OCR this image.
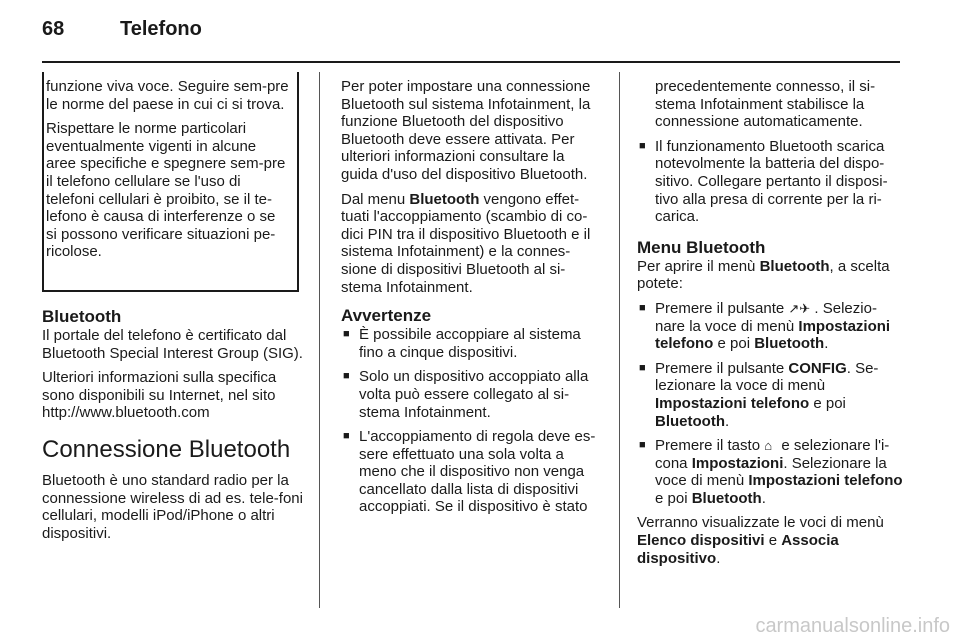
68	Telefono

funzione viva voce. Seguire sem-pre le norme del paese in cui ci si trova.

Rispettare le norme particolari eventualmente vigenti in alcune aree specifiche e spegnere sem-pre il telefono cellulare se l'uso di telefoni cellulari è proibito, se il te-lefono è causa di interferenze o se si possono verificare situazioni pe-ricolose.

Bluetooth

Il portale del telefono è certificato dal Bluetooth Special Interest Group (SIG).

Ulteriori informazioni sulla specifica sono disponibili su Internet, nel sito http://www.bluetooth.com

Connessione Bluetooth

Bluetooth è uno standard radio per la connessione wireless di ad es. tele-foni cellulari, modelli iPod/iPhone o altri dispositivi.

Per poter impostare una connessione Bluetooth sul sistema Infotainment, la funzione Bluetooth del dispositivo Bluetooth deve essere attivata. Per ulteriori informazioni consultare la guida d'uso del dispositivo Bluetooth.

Dal menu Bluetooth vengono effet-tuati l'accoppiamento (scambio di co-dici PIN tra il dispositivo Bluetooth e il sistema Infotainment) e la connes-sione di dispositivi Bluetooth al si-stema Infotainment.

Avvertenze
■ È possibile accoppiare al sistema fino a cinque dispositivi.
■ Solo un dispositivo accoppiato alla volta può essere collegato al si-stema Infotainment.
■ L'accoppiamento di regola deve es-sere effettuato una sola volta a meno che il dispositivo non venga cancellato dalla lista di dispositivi accoppiati. Se il dispositivo è stato
precedentemente connesso, il si-stema Infotainment stabilisce la connessione automaticamente.
■ Il funzionamento Bluetooth scarica notevolmente la batteria del dispo-sitivo. Collegare pertanto il disposi-tivo alla presa di corrente per la ri-carica.
Menu Bluetooth

Per aprire il menù Bluetooth, a scelta potete:

■ Premere il pulsante ↗✈ . Selezio-nare la voce di menù Impostazioni telefono e poi Bluetooth.
■ Premere il pulsante CONFIG. Se-lezionare la voce di menù Impostazioni telefono e poi Bluetooth.
■ Premere il tasto ⌂ e selezionare l'i-cona Impostazioni. Selezionare la voce di menù Impostazioni telefono e poi Bluetooth.

Verranno visualizzate le voci di menù Elenco dispositivi e Associa dispositivo.

carmanualsonline.info
